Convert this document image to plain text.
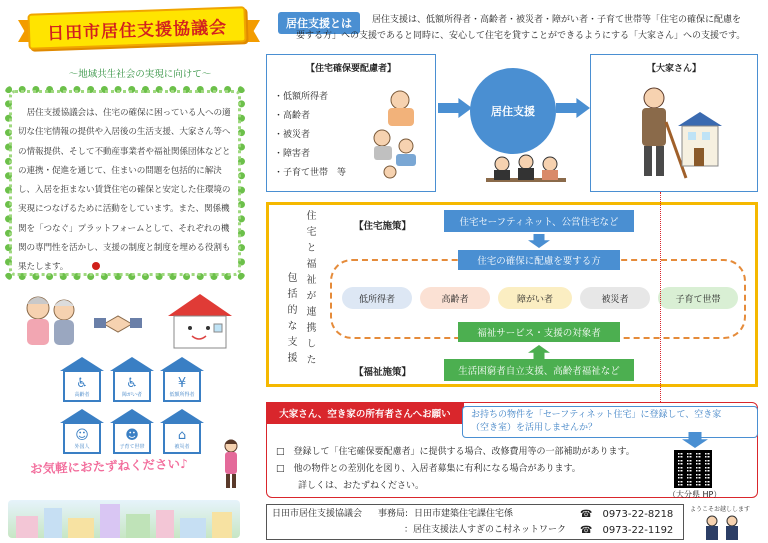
日田市居住支援協議会
～地域共生社会の実現に向けて～
居住支援協議会は、住宅の確保に困っている人への適切な住宅情報の提供や入居後の生活支援、大家さん等への情報提供、そして不動産事業者や福祉関係団体などとの連携・促進を通じて、住まいの問題を包括的に解決し、入居を拒まない賃貸住宅の確保と安定した住環境の実現につなげるために活動をしています。また、関係機関を「つなぐ」プラットフォームとして、それぞれの機関の専門性を活かし、支援の制度と制度を埋める役割も果たします。
♿
高齢者
♿
障がい者
¥
低額所得者
☺
外国人
☻
子育て世帯
⌂
被災者
お気軽におたずねください♪
居住支援とは	居住支援は、低額所得者・高齢者・被災者・障がい者・子育て世帯等「住宅の確保に配慮を
要する方」への支援であると同時に、安心して住宅を貸すことができるようにする「大家さん」への支援です。
【住宅確保要配慮者】
・低額所得者
・高齢者
・被災者
・障害者
・子育て世帯　等
居住支援
【大家さん】
住宅と福祉が連携した
包括的な支援
【住宅施策】	住宅セーフティネット、公営住宅など
住宅の確保に配慮を要する方
低所得者	高齢者	障がい者	被災者	子育て世帯
福祉サービス・支援の対象者
【福祉施策】	生活困窮者自立支援、高齢者福祉など
大家さん、空き家の所有者さんへお願い	お持ちの物件を「セーフティネット住宅」に登録して、空き家
（空き室）を活用しませんか？
□　登録して「住宅確保要配慮者」に提供する場合、改修費用等の一部補助があります。
□　他の物件との差別化を図り、入居者募集に有利になる場合があります。
詳しくは、おたずねください。
（大分県 HP）
日田市居住支援協議会 事務局: 日田市建築住宅課住宅係
：居住支援法人すぎのこ村ネットワーク
☎　0973-22-8218
☎　0973-22-1192
ようこそお越しします
